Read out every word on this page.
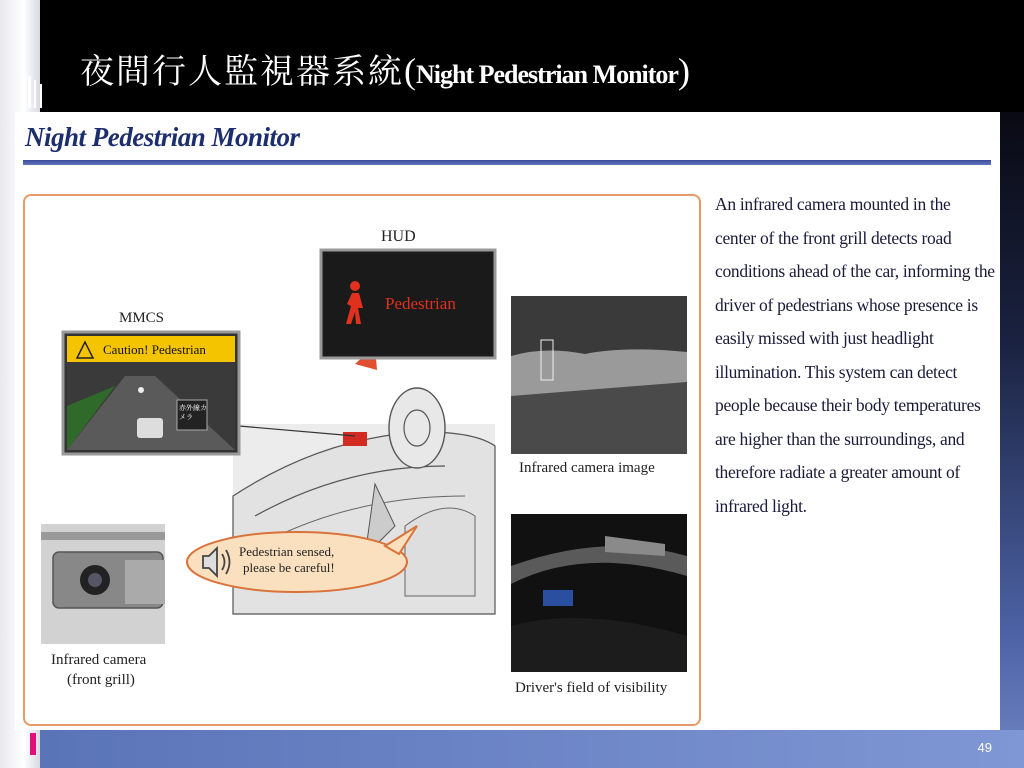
49
夜間行人監視器系統 ( Night Pedestrian Monitor )
Night Pedestrian Monitor
HUD
Pedestrian
MMCS
Caution! Pedestrian
赤外線カメラ
Infrared camera image
Driver's field of visibility
Infrared camera
(front grill)
Pedestrian sensed,
please be careful!
An infrared camera mounted in the center of the front grill detects road conditions ahead of the car, informing the driver of pedestrians whose presence is easily missed with just headlight illumination. This system can detect people because their body temperatures are higher than the surroundings, and therefore radiate a greater amount of infrared light.
